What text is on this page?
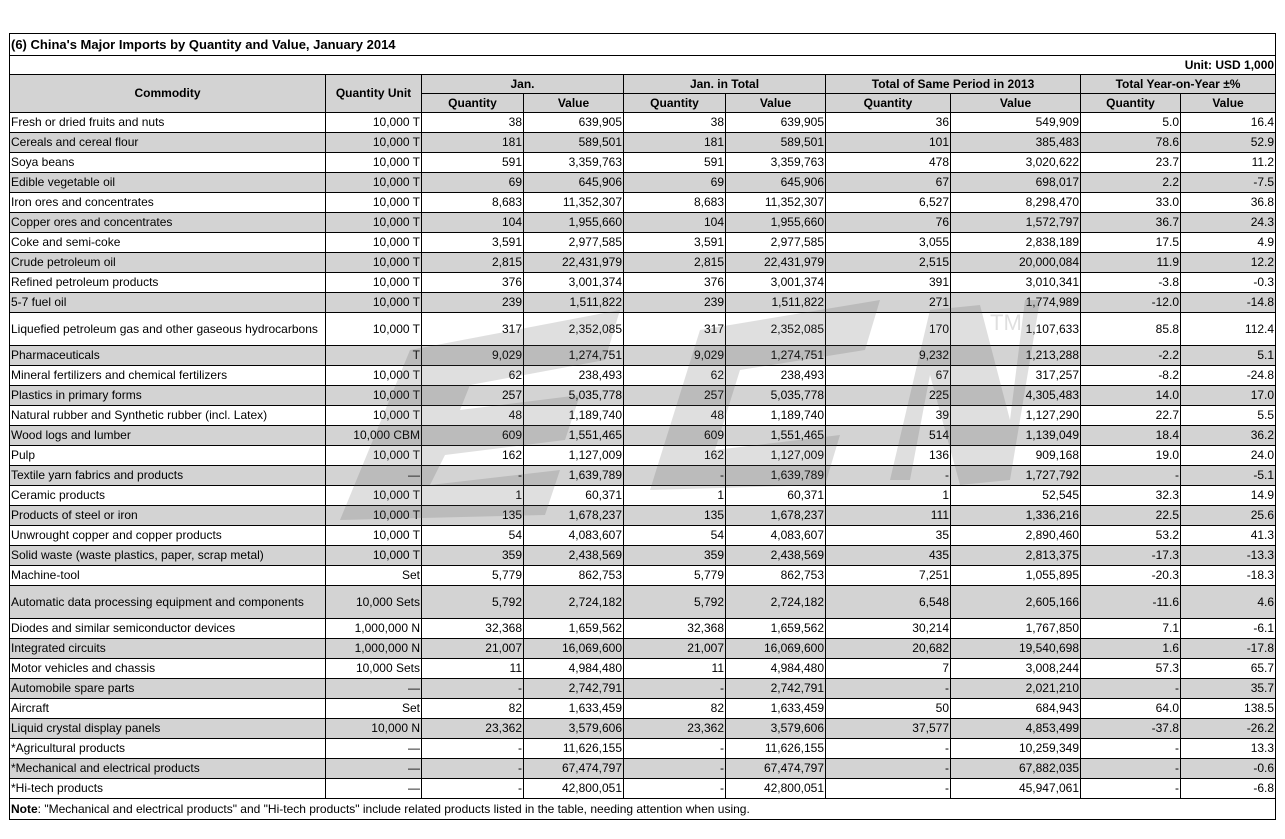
(6) China's Major Imports by Quantity and Value, January 2014									
Unit: USD 1,000									
Commodity	Quantity Unit	Jan.		Jan. in Total		Total of Same Period in 2013		Total Year-on-Year ±%	
		Quantity	Value	Quantity	Value	Quantity	Value	Quantity	Value
Fresh or dried fruits and nuts	10,000 T	38	639,905	38	639,905	36	549,909	5.0	16.4
Cereals and cereal flour	10,000 T	181	589,501	181	589,501	101	385,483	78.6	52.9
Soya beans	10,000 T	591	3,359,763	591	3,359,763	478	3,020,622	23.7	11.2
Edible vegetable oil	10,000 T	69	645,906	69	645,906	67	698,017	2.2	-7.5
Iron ores and concentrates	10,000 T	8,683	11,352,307	8,683	11,352,307	6,527	8,298,470	33.0	36.8
Copper ores and concentrates	10,000 T	104	1,955,660	104	1,955,660	76	1,572,797	36.7	24.3
Coke and semi-coke	10,000 T	3,591	2,977,585	3,591	2,977,585	3,055	2,838,189	17.5	4.9
Crude petroleum oil	10,000 T	2,815	22,431,979	2,815	22,431,979	2,515	20,000,084	11.9	12.2
Refined petroleum products	10,000 T	376	3,001,374	376	3,001,374	391	3,010,341	-3.8	-0.3
5-7 fuel oil	10,000 T	239	1,511,822	239	1,511,822	271	1,774,989	-12.0	-14.8
Liquefied petroleum gas and other gaseous hydrocarbons	10,000 T	317	2,352,085	317	2,352,085	170	1,107,633	85.8	112.4
Pharmaceuticals	T	9,029	1,274,751	9,029	1,274,751	9,232	1,213,288	-2.2	5.1
Mineral fertilizers and chemical fertilizers	10,000 T	62	238,493	62	238,493	67	317,257	-8.2	-24.8
Plastics in primary forms	10,000 T	257	5,035,778	257	5,035,778	225	4,305,483	14.0	17.0
Natural rubber and Synthetic rubber (incl. Latex)	10,000 T	48	1,189,740	48	1,189,740	39	1,127,290	22.7	5.5
Wood logs and lumber	10,000 CBM	609	1,551,465	609	1,551,465	514	1,139,049	18.4	36.2
Pulp	10,000 T	162	1,127,009	162	1,127,009	136	909,168	19.0	24.0
Textile yarn fabrics and products	—	-	1,639,789	-	1,639,789	-	1,727,792	-	-5.1
Ceramic products	10,000 T	1	60,371	1	60,371	1	52,545	32.3	14.9
Products of steel or iron	10,000 T	135	1,678,237	135	1,678,237	111	1,336,216	22.5	25.6
Unwrought copper and copper products	10,000 T	54	4,083,607	54	4,083,607	35	2,890,460	53.2	41.3
Solid waste (waste plastics, paper, scrap metal)	10,000 T	359	2,438,569	359	2,438,569	435	2,813,375	-17.3	-13.3
Machine-tool	Set	5,779	862,753	5,779	862,753	7,251	1,055,895	-20.3	-18.3
Automatic data processing equipment and components	10,000 Sets	5,792	2,724,182	5,792	2,724,182	6,548	2,605,166	-11.6	4.6
Diodes and similar semiconductor devices	1,000,000 N	32,368	1,659,562	32,368	1,659,562	30,214	1,767,850	7.1	-6.1
Integrated circuits	1,000,000 N	21,007	16,069,600	21,007	16,069,600	20,682	19,540,698	1.6	-17.8
Motor vehicles and chassis	10,000 Sets	11	4,984,480	11	4,984,480	7	3,008,244	57.3	65.7
Automobile spare parts	—	-	2,742,791	-	2,742,791	-	2,021,210	-	35.7
Aircraft	Set	82	1,633,459	82	1,633,459	50	684,943	64.0	138.5
Liquid crystal display panels	10,000 N	23,362	3,579,606	23,362	3,579,606	37,577	4,853,499	-37.8	-26.2
*Agricultural products	—	-	11,626,155	-	11,626,155	-	10,259,349	-	13.3
*Mechanical and electrical products	—	-	67,474,797	-	67,474,797	-	67,882,035	-	-0.6
*Hi-tech products	—	-	42,800,051	-	42,800,051	-	45,947,061	-	-6.8
Note: "Mechanical and electrical products" and "Hi-tech products" include related products listed in the table, needing attention when using.									
